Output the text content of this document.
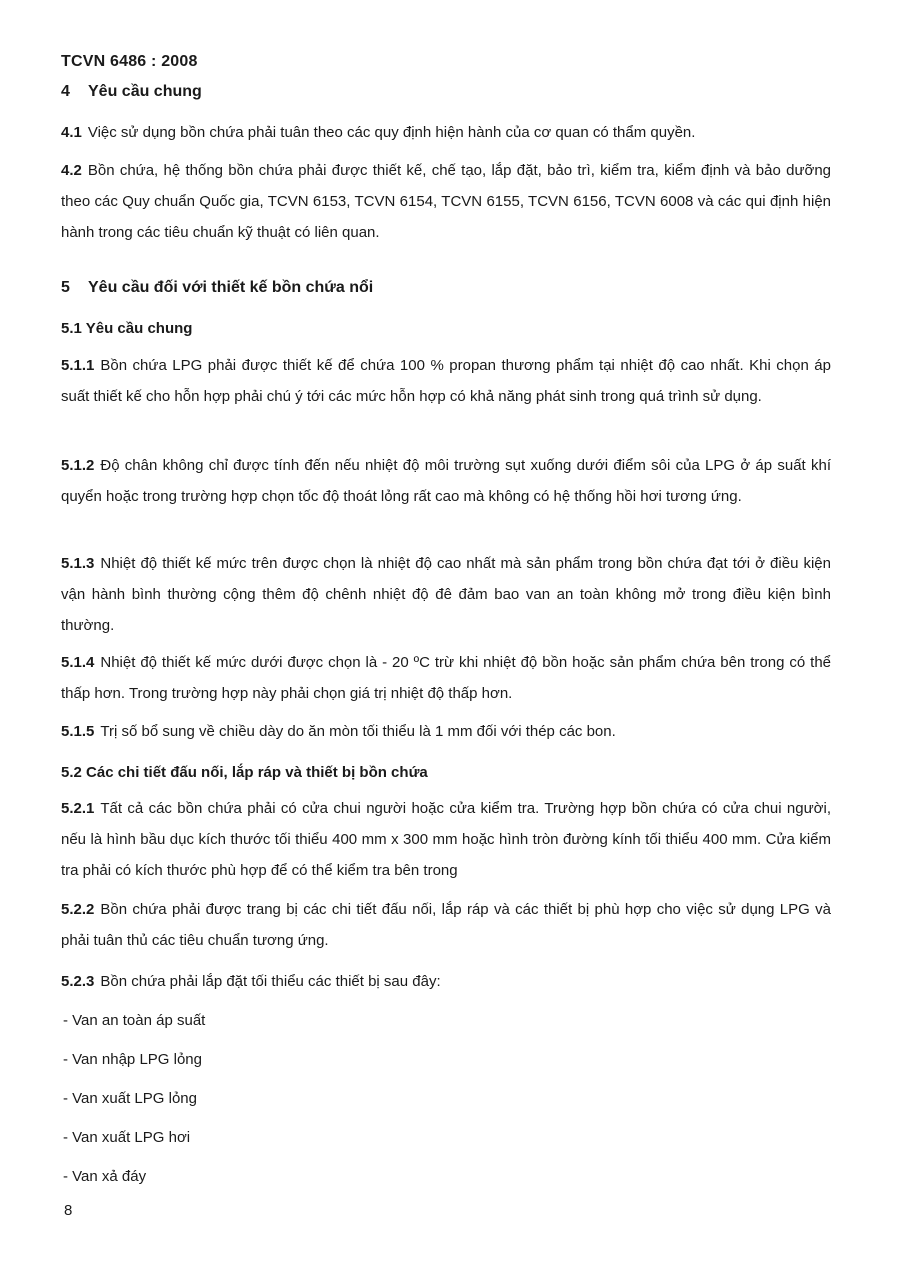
TCVN 6486 : 2008
4 Yêu cầu chung
4.1 Việc sử dụng bồn chứa phải tuân theo các quy định hiện hành của cơ quan có thẩm quyền.
4.2 Bồn chứa, hệ thống bồn chứa phải được thiết kế, chế tạo, lắp đặt, bảo trì, kiểm tra, kiểm định và bảo dưỡng theo các Quy chuẩn Quốc gia, TCVN 6153, TCVN 6154, TCVN 6155, TCVN 6156, TCVN 6008 và các qui định hiện hành trong các tiêu chuẩn kỹ thuật có liên quan.
5 Yêu cầu đối với thiết kế bồn chứa nổi
5.1 Yêu cầu chung
5.1.1 Bồn chứa LPG phải được thiết kế để chứa 100 % propan thương phẩm tại nhiệt độ cao nhất. Khi chọn áp suất thiết kế cho hỗn hợp phải chú ý tới các mức hỗn hợp có khả năng phát sinh trong quá trình sử dụng.
5.1.2 Độ chân không chỉ được tính đến nếu nhiệt độ môi trường sụt xuống dưới điểm sôi của LPG ở áp suất khí quyển hoặc trong trường hợp chọn tốc độ thoát lỏng rất cao mà không có hệ thống hồi hơi tương ứng.
5.1.3 Nhiệt độ thiết kế mức trên được chọn là nhiệt độ cao nhất mà sản phẩm trong bồn chứa đạt tới ở điều kiện vận hành bình thường cộng thêm độ chênh nhiệt độ đê đảm bao van an toàn không mở trong điều kiện bình thường.
5.1.4 Nhiệt độ thiết kế mức dưới được chọn là - 20 ºC trừ khi nhiệt độ bồn hoặc sản phẩm chứa bên trong có thể thấp hơn. Trong trường hợp này phải chọn giá trị nhiệt độ thấp hơn.
5.1.5 Trị số bổ sung về chiều dày do ăn mòn tối thiểu là 1 mm đối với thép các bon.
5.2 Các chi tiết đấu nối, lắp ráp và thiết bị bồn chứa
5.2.1 Tất cả các bồn chứa phải có cửa chui người hoặc cửa kiểm tra. Trường hợp bồn chứa có cửa chui người, nếu là hình bầu dục kích thước tối thiểu 400 mm x 300 mm hoặc hình tròn đường kính tối thiểu 400 mm. Cửa kiểm tra phải có kích thước phù hợp để có thể kiểm tra bên trong
5.2.2 Bồn chứa phải được trang bị các chi tiết đấu nối, lắp ráp và các thiết bị phù hợp cho việc sử dụng LPG và phải tuân thủ các tiêu chuẩn tương ứng.
5.2.3 Bồn chứa phải lắp đặt tối thiểu các thiết bị sau đây:
- Van an toàn áp suất
- Van nhập LPG lỏng
- Van xuất LPG lỏng
- Van xuất LPG hơi
- Van xả đáy
8
